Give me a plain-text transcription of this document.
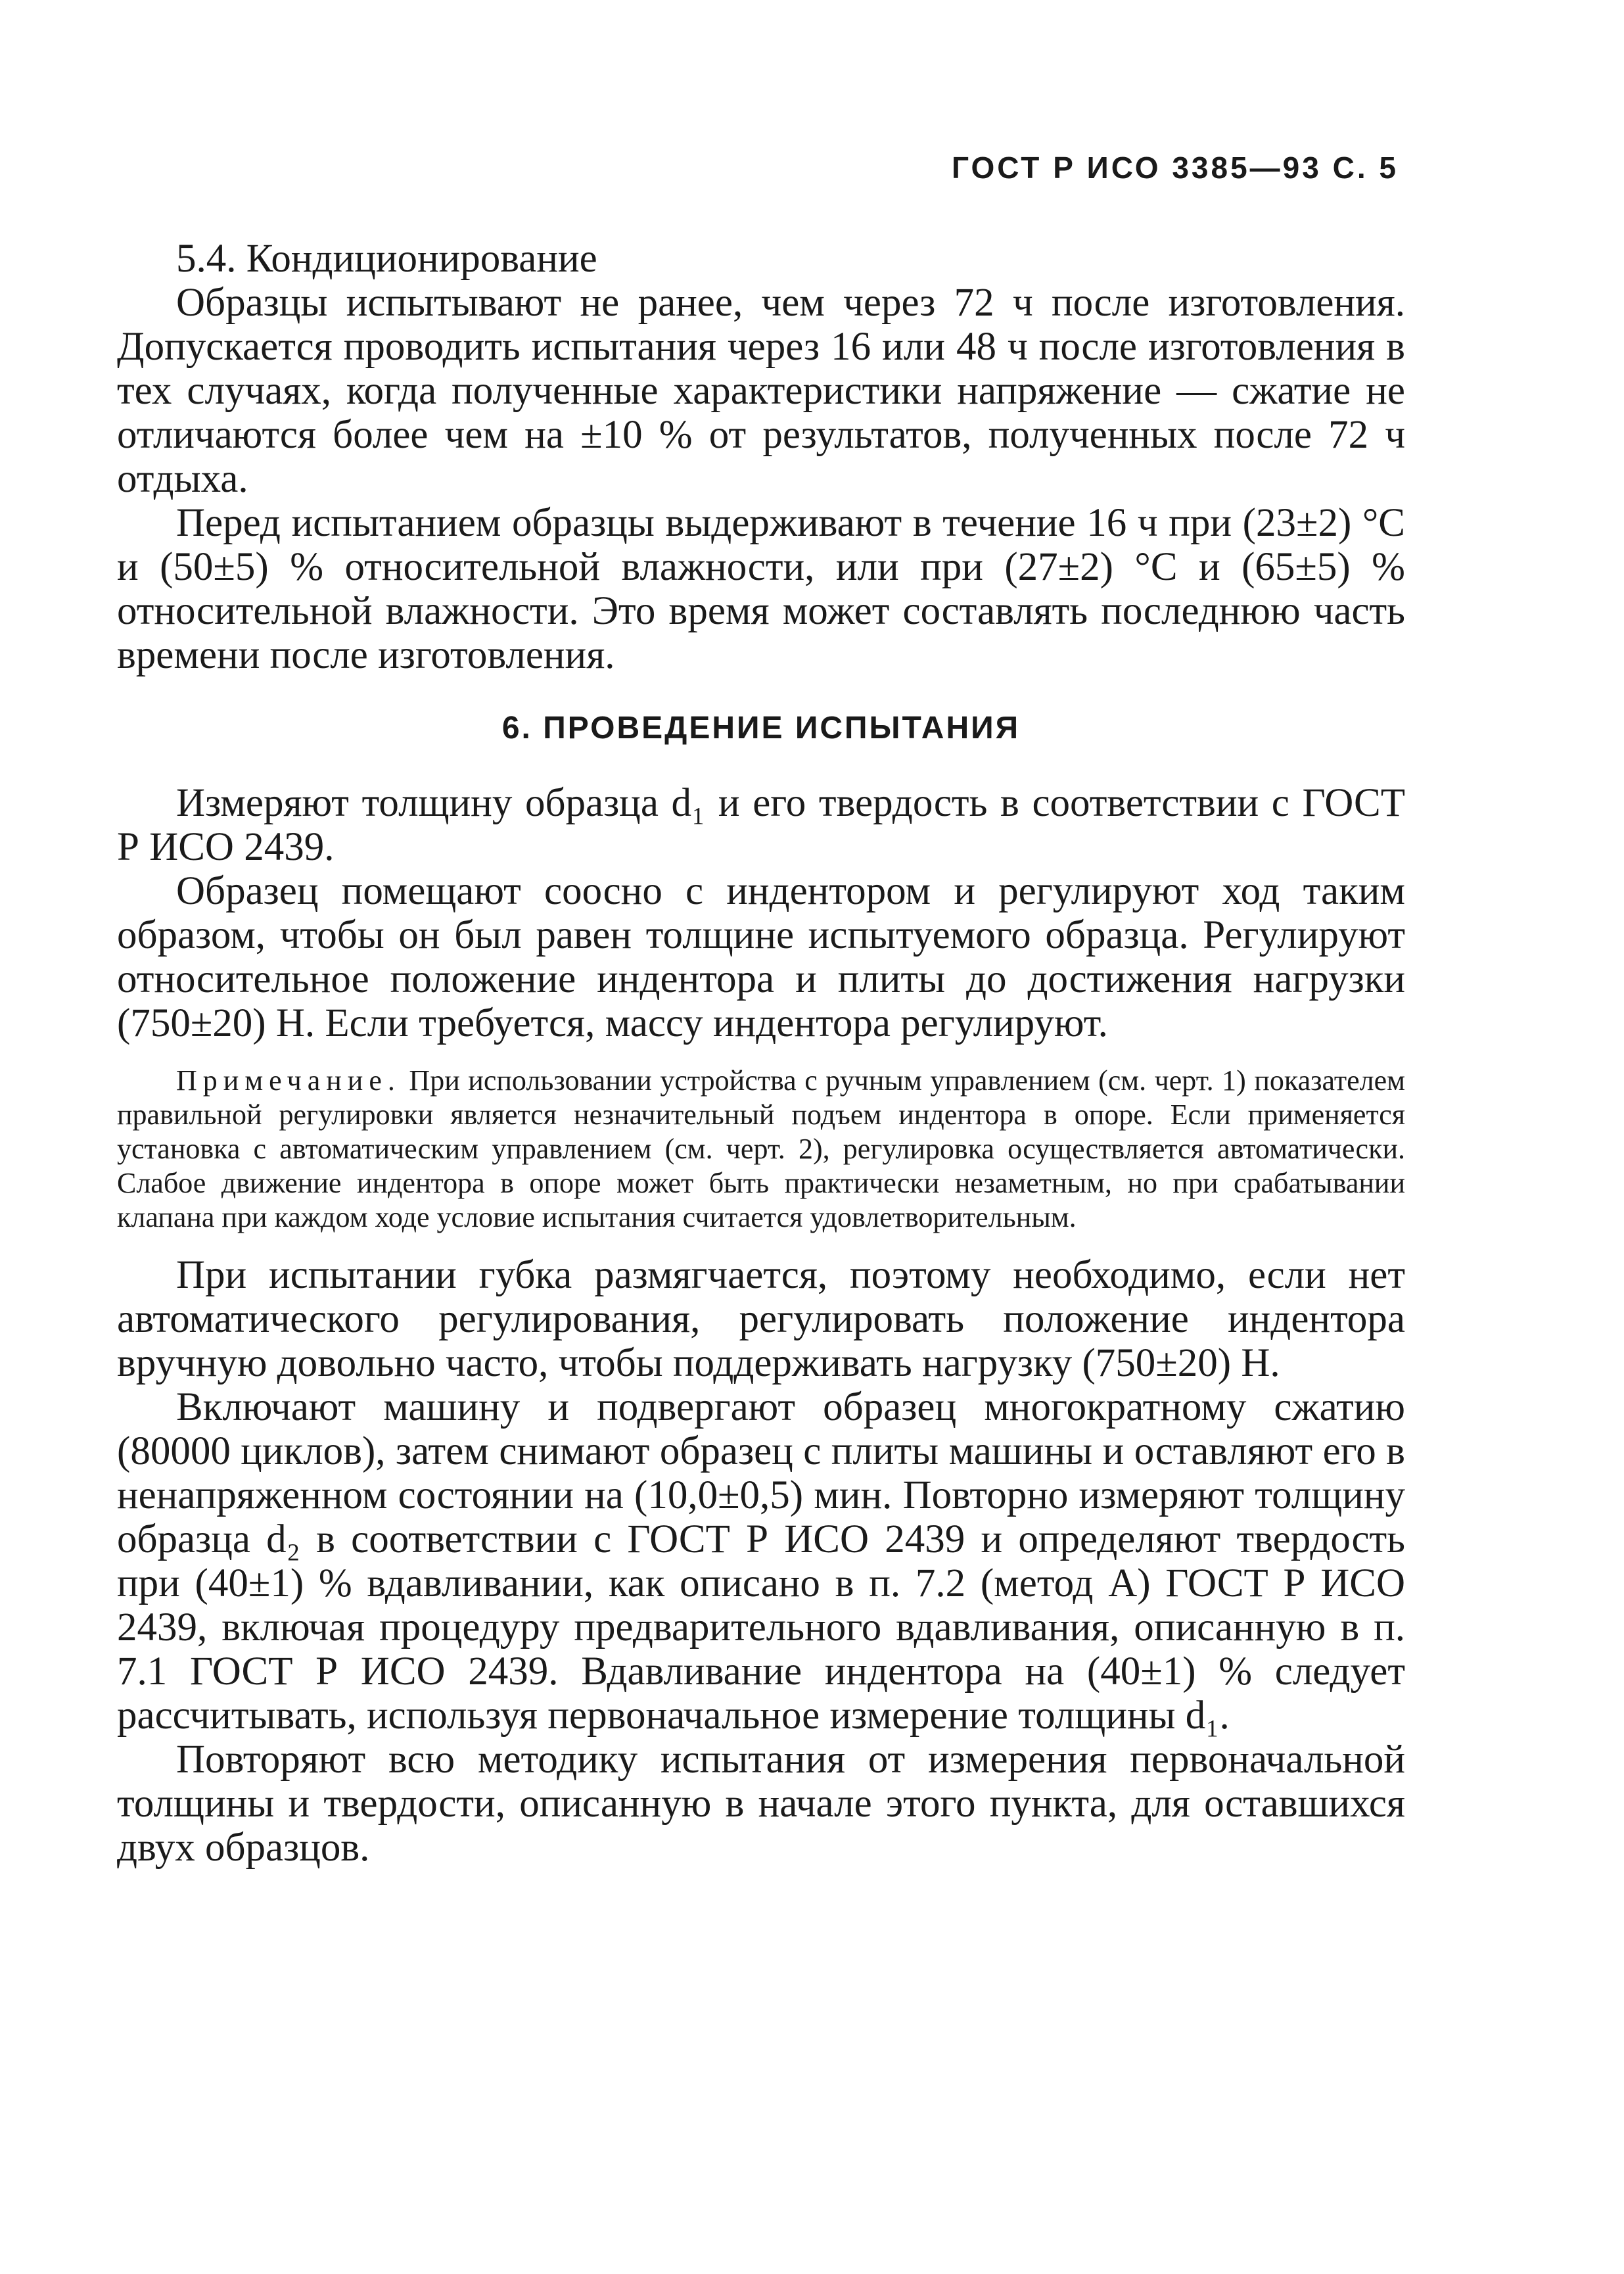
ГОСТ Р ИСО 3385—93 С. 5

5.4. Кондиционирование

Образцы испытывают не ранее, чем через 72 ч после изготовления. Допускается проводить испытания через 16 или 48 ч после изготовления в тех случаях, когда полученные характеристики напряжение — сжатие не отличаются более чем на ±10 % от результатов, полученных после 72 ч отдыха.

Перед испытанием образцы выдерживают в течение 16 ч при (23±2) °С и (50±5) % относительной влажности, или при (27±2) °С и (65±5) % относительной влажности. Это время может составлять последнюю часть времени после изготовления.

6. ПРОВЕДЕНИЕ ИСПЫТАНИЯ

Измеряют толщину образца d₁ и его твердость в соответствии с ГОСТ Р ИСО 2439.

Образец помещают соосно с индентором и регулируют ход таким образом, чтобы он был равен толщине испытуемого образца. Регулируют относительное положение индентора и плиты до достижения нагрузки (750±20) Н. Если требуется, массу индентора регулируют.

Примечание. При использовании устройства с ручным управлением (см. черт. 1) показателем правильной регулировки является незначительный подъем индентора в опоре. Если применяется установка с автоматическим управлением (см. черт. 2), регулировка осуществляется автоматически. Слабое движение индентора в опоре может быть практически незаметным, но при срабатывании клапана при каждом ходе условие испытания считается удовлетворительным.

При испытании губка размягчается, поэтому необходимо, если нет автоматического регулирования, регулировать положение индентора вручную довольно часто, чтобы поддерживать нагрузку (750±20) Н.

Включают машину и подвергают образец многократному сжатию (80000 циклов), затем снимают образец с плиты машины и оставляют его в ненапряженном состоянии на (10,0±0,5) мин. Повторно измеряют толщину образца d₂ в соответствии с ГОСТ Р ИСО 2439 и определяют твердость при (40±1) % вдавливании, как описано в п. 7.2 (метод А) ГОСТ Р ИСО 2439, включая процедуру предварительного вдавливания, описанную в п. 7.1 ГОСТ Р ИСО 2439. Вдавливание индентора на (40±1) % следует рассчитывать, используя первоначальное измерение толщины d₁.

Повторяют всю методику испытания от измерения первоначальной толщины и твердости, описанную в начале этого пункта, для оставшихся двух образцов.
